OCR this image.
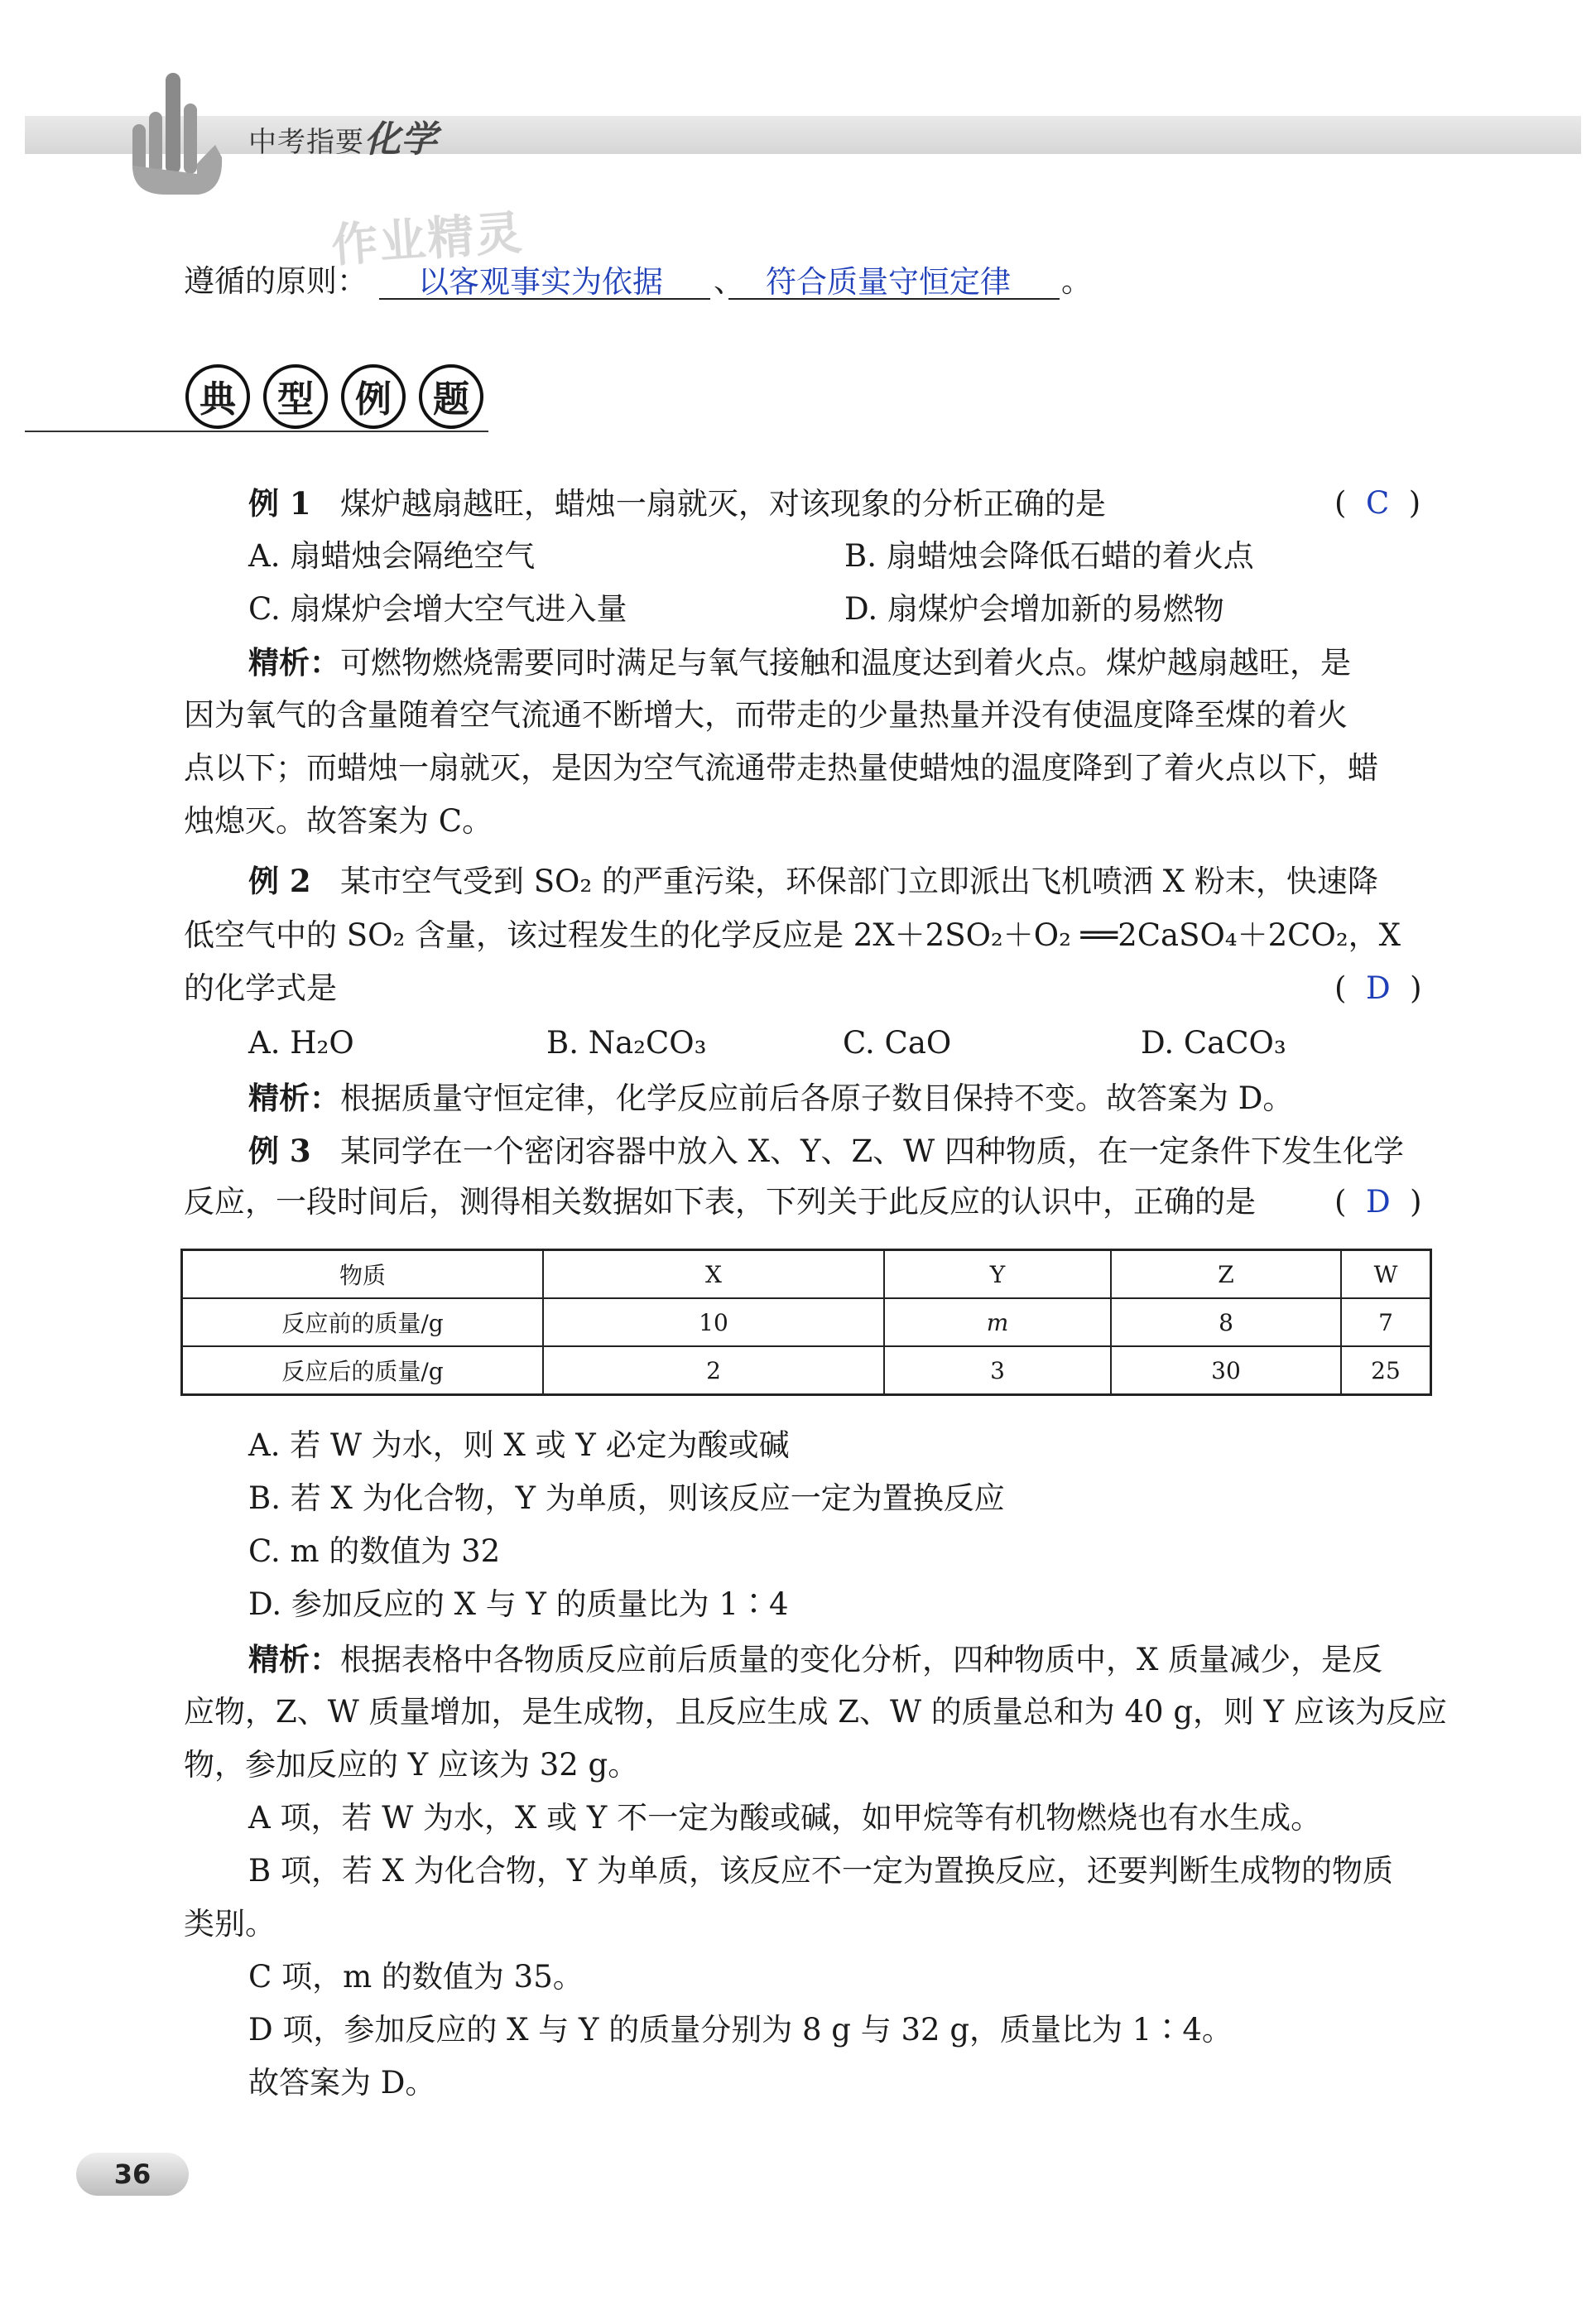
中考指要 化学
作业精灵
遵循的原则： 以客观事实为依据 、 符合质量守恒定律 。
典	型	例	题
例 1 煤炉越扇越旺，蜡烛一扇就灭，对该现象的分析正确的是	(  C  )
A. 扇蜡烛会隔绝空气	B. 扇蜡烛会降低石蜡的着火点
C. 扇煤炉会增大空气进入量	D. 扇煤炉会增加新的易燃物
精析：可燃物燃烧需要同时满足与氧气接触和温度达到着火点。煤炉越扇越旺，是
因为氧气的含量随着空气流通不断增大，而带走的少量热量并没有使温度降至煤的着火
点以下；而蜡烛一扇就灭，是因为空气流通带走热量使蜡烛的温度降到了着火点以下，蜡
烛熄灭。故答案为 C。
例 2 某市空气受到 SO₂ 的严重污染，环保部门立即派出飞机喷洒 X 粉末，快速降
低空气中的 SO₂ 含量，该过程发生的化学反应是 2X＋2SO₂＋O₂ ══2CaSO₄＋2CO₂，X
的化学式是	(  D  )
A. H₂O	B. Na₂CO₃	C. CaO	D. CaCO₃
精析：根据质量守恒定律，化学反应前后各原子数目保持不变。故答案为 D。
例 3 某同学在一个密闭容器中放入 X、Y、Z、W 四种物质，在一定条件下发生化学
反应，一段时间后，测得相关数据如下表，下列关于此反应的认识中，正确的是	(  D  )
物质	X	Y	Z	W
反应前的质量/g	10	m	8	7
反应后的质量/g	2	3	30	25
A. 若 W 为水，则 X 或 Y 必定为酸或碱
B. 若 X 为化合物，Y 为单质，则该反应一定为置换反应
C. m 的数值为 32
D. 参加反应的 X 与 Y 的质量比为 1∶4
精析：根据表格中各物质反应前后质量的变化分析，四种物质中，X 质量减少，是反
应物，Z、W 质量增加，是生成物，且反应生成 Z、W 的质量总和为 40 g，则 Y 应该为反应
物，参加反应的 Y 应该为 32 g。
A 项，若 W 为水，X 或 Y 不一定为酸或碱，如甲烷等有机物燃烧也有水生成。
B 项，若 X 为化合物，Y 为单质，该反应不一定为置换反应，还要判断生成物的物质
类别。
C 项，m 的数值为 35。
D 项，参加反应的 X 与 Y 的质量分别为 8 g 与 32 g，质量比为 1∶4。
故答案为 D。
36
